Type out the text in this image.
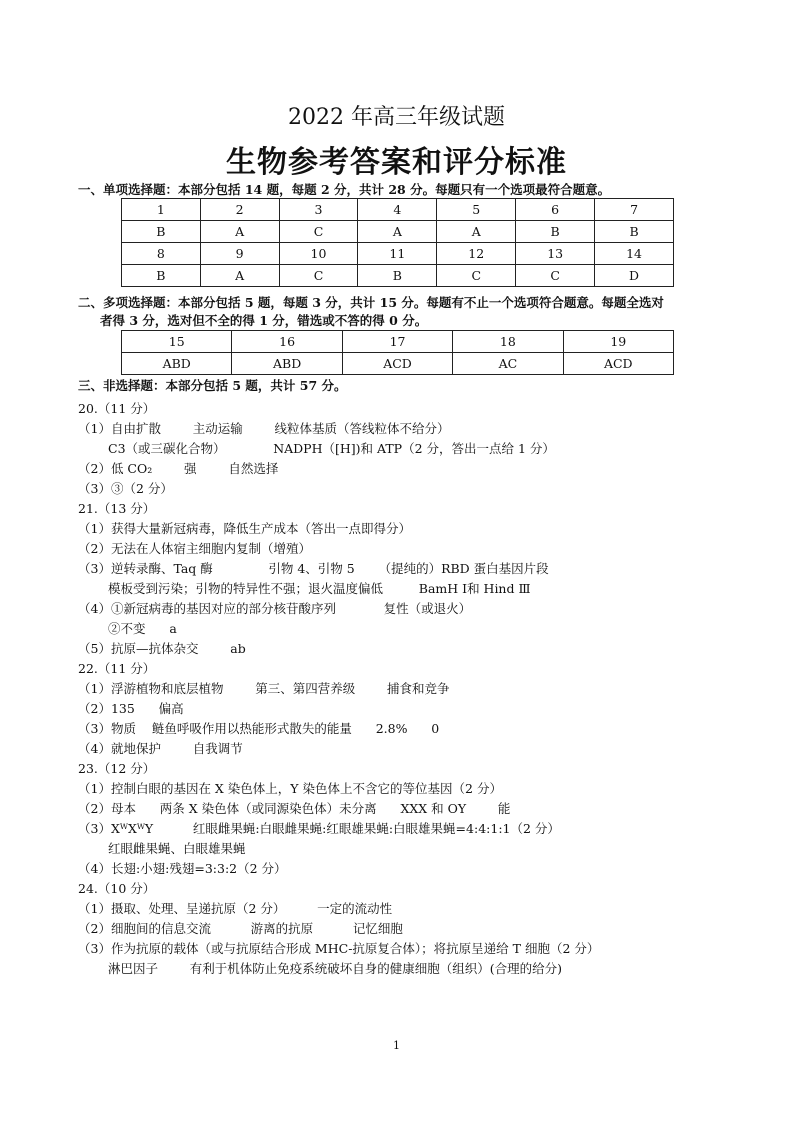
2022 年高三年级试题
生物参考答案和评分标准
一、单项选择题：本部分包括 14 题，每题 2 分，共计 28 分。每题只有一个选项最符合题意。
1	2	3	4	5	6	7
B	A	C	A	A	B	B
8	9	10	11	12	13	14
B	A	C	B	C	C	D
二、多项选择题：本部分包括 5 题，每题 3 分，共计 15 分。每题有不止一个选项符合题意。每题全选对
者得 3 分，选对但不全的得 1 分，错选或不答的得 0 分。
15	16	17	18	19
ABD	ABD	ACD	AC	ACD
三、非选择题：本部分包括 5 题，共计 57 分。
20.（11 分）
（1）自由扩散        主动运输        线粒体基质（答线粒体不给分）
C3（或三碳化合物）            NADPH（[H])和 ATP（2 分，答出一点给 1 分）
（2）低 CO₂        强        自然选择
（3）③（2 分）
21.（13 分）
（1）获得大量新冠病毒，降低生产成本（答出一点即得分）
（2）无法在人体宿主细胞内复制（增殖）
（3）逆转录酶、Taq 酶              引物 4、引物 5      （提纯的）RBD 蛋白基因片段
模板受到污染；引物的特异性不强；退火温度偏低         BamH Ⅰ和 Hind Ⅲ
（4）①新冠病毒的基因对应的部分核苷酸序列            复性（或退火）
②不变      a
（5）抗原—抗体杂交        ab
22.（11 分）
（1）浮游植物和底层植物        第三、第四营养级        捕食和竞争
（2）135      偏高
（3）物质    鲢鱼呼吸作用以热能形式散失的能量      2.8%      0
（4）就地保护        自我调节
23.（12 分）
（1）控制白眼的基因在 X 染色体上，Y 染色体上不含它的等位基因（2 分）
（2）母本      两条 X 染色体（或同源染色体）未分离      XXX 和 OY        能
（3）XᵂXᵂY          红眼雌果蝇:白眼雌果蝇:红眼雄果蝇:白眼雄果蝇=4:4:1:1（2 分）
红眼雌果蝇、白眼雄果蝇
（4）长翅:小翅:残翅=3:3:2（2 分）
24.（10 分）
（1）摄取、处理、呈递抗原（2 分）        一定的流动性
（2）细胞间的信息交流          游离的抗原          记忆细胞
（3）作为抗原的载体（或与抗原结合形成 MHC-抗原复合体）；将抗原呈递给 T 细胞（2 分）
淋巴因子        有利于机体防止免疫系统破坏自身的健康细胞（组织）(合理的给分)
1
